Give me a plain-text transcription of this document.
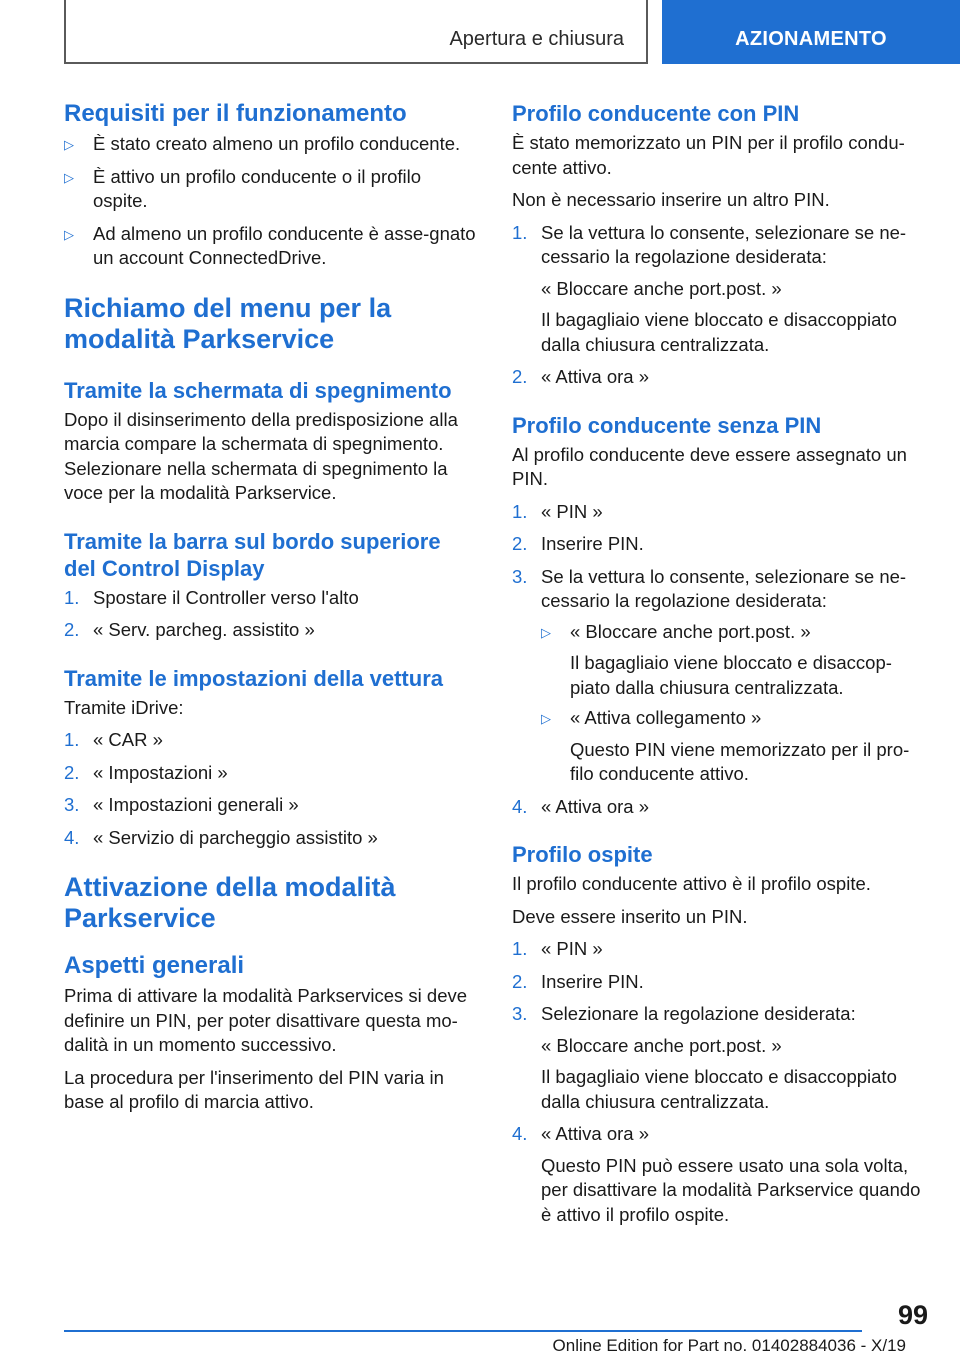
Apertura e chiusura	AZIONAMENTO
Requisiti per il funzionamento
▷ È stato creato almeno un profilo conducente.
▷ È attivo un profilo conducente o il profilo ospite.
▷ Ad almeno un profilo conducente è asse-gnato un account ConnectedDrive.
Richiamo del menu per la modalità Parkservice
Tramite la schermata di spegnimento

Dopo il disinserimento della predisposizione alla marcia compare la schermata di spegnimento. Selezionare nella schermata di spegnimento la voce per la modalità Parkservice.

Tramite la barra sul bordo superiore del Control Display
1. Spostare il Controller verso l'alto
2. « Serv. parcheg. assistito »
Tramite le impostazioni della vettura

Tramite iDrive:

1. « CAR »
2. « Impostazioni »
3. « Impostazioni generali »
4. « Servizio di parcheggio assistito »
Attivazione della modalità Parkservice
Aspetti generali

Prima di attivare la modalità Parkservices si deve definire un PIN, per poter disattivare questa mo-dalità in un momento successivo.

La procedura per l'inserimento del PIN varia in base al profilo di marcia attivo.

Profilo conducente con PIN

È stato memorizzato un PIN per il profilo condu-cente attivo.

Non è necessario inserire un altro PIN.

1. Se la vettura lo consente, selezionare se ne-cessario la regolazione desiderata:
« Bloccare anche port.post. »
Il bagagliaio viene bloccato e disaccoppiato dalla chiusura centralizzata.
2. « Attiva ora »
Profilo conducente senza PIN

Al profilo conducente deve essere assegnato un PIN.

1. « PIN »
2. Inserire PIN.
3. Se la vettura lo consente, selezionare se ne-cessario la regolazione desiderata:
▷ « Bloccare anche port.post. »
Il bagagliaio viene bloccato e disaccop-piato dalla chiusura centralizzata.
▷ « Attiva collegamento »
Questo PIN viene memorizzato per il pro-filo conducente attivo.
4. « Attiva ora »
Profilo ospite

Il profilo conducente attivo è il profilo ospite.

Deve essere inserito un PIN.

1. « PIN »
2. Inserire PIN.
3. Selezionare la regolazione desiderata:
« Bloccare anche port.post. »
Il bagagliaio viene bloccato e disaccoppiato dalla chiusura centralizzata.
4. « Attiva ora »
Questo PIN può essere usato una sola volta, per disattivare la modalità Parkservice quando è attivo il profilo ospite.
99
Online Edition for Part no. 01402884036 - X/19
